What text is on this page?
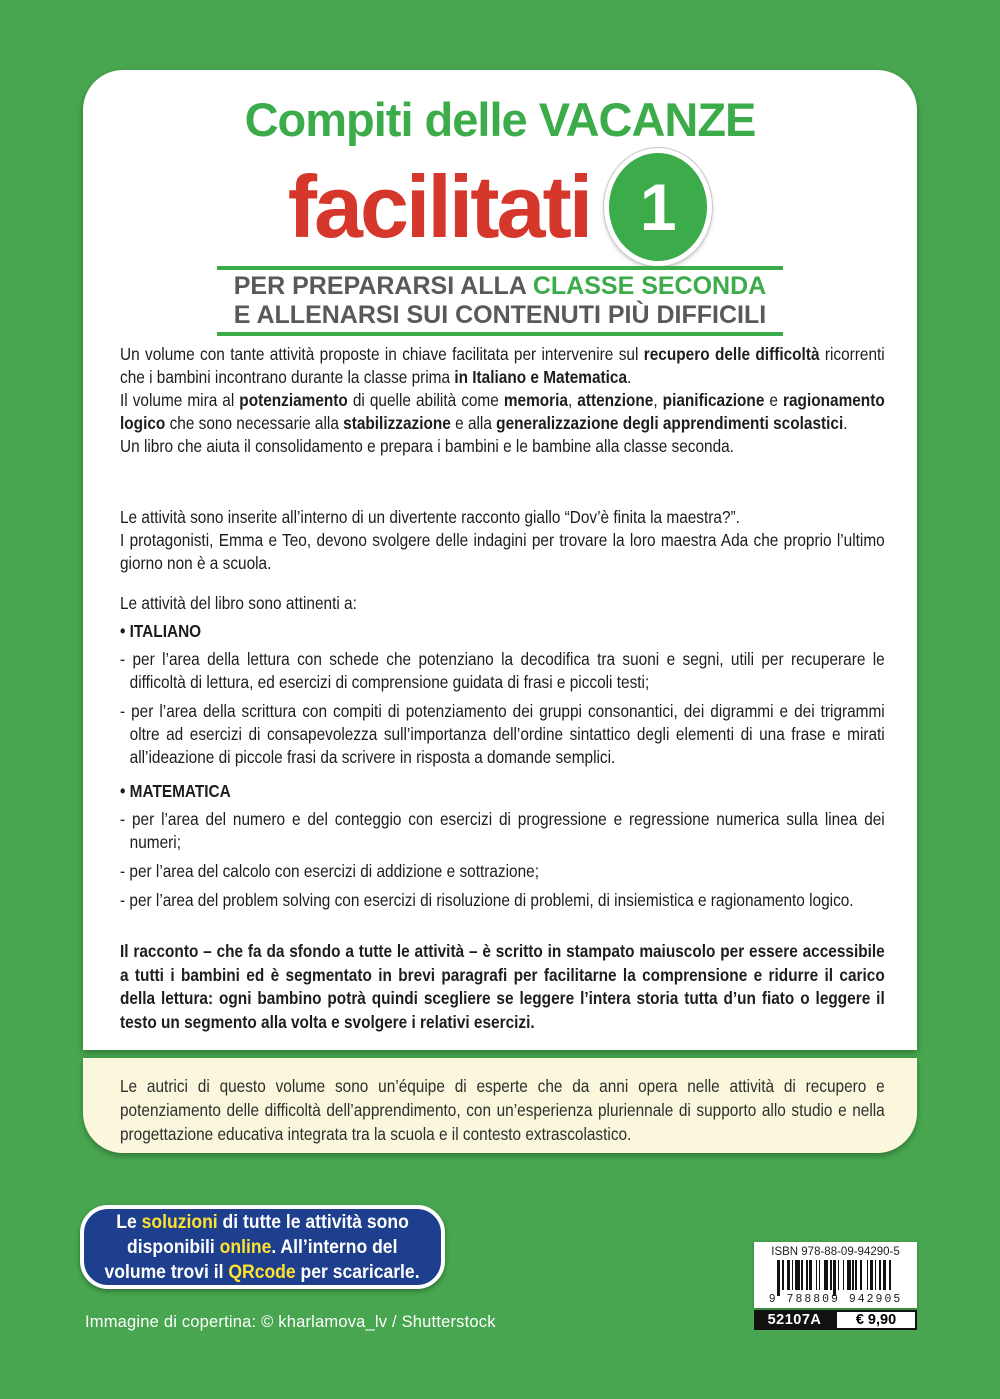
Compiti delle VACANZE
facilitati 1
PER PREPARARSI ALLA CLASSE SECONDA
E ALLENARSI SUI CONTENUTI PIÙ DIFFICILI

Un volume con tante attività proposte in chiave facilitata per intervenire sul recupero delle difficoltà ricorrenti che i bambini incontrano durante la classe prima in Italiano e Matematica.

Il volume mira al potenziamento di quelle abilità come memoria, attenzione, pianificazione e ragionamento logico che sono necessarie alla stabilizzazione e alla generalizzazione degli apprendimenti scolastici.

Un libro che aiuta il consolidamento e prepara i bambini e le bambine alla classe seconda.

Le attività sono inserite all’interno di un divertente racconto giallo “Dov’è finita la maestra?”.

I protagonisti, Emma e Teo, devono svolgere delle indagini per trovare la loro maestra Ada che proprio l’ultimo giorno non è a scuola.

Le attività del libro sono attinenti a:
• ITALIANO
- per l’area della lettura con schede che potenziano la decodifica tra suoni e segni, utili per recuperare le difficoltà di lettura, ed esercizi di comprensione guidata di frasi e piccoli testi;
- per l’area della scrittura con compiti di potenziamento dei gruppi consonantici, dei digrammi e dei trigrammi oltre ad esercizi di consapevolezza sull’importanza dell’ordine sintattico degli elementi di una frase e mirati all’ideazione di piccole frasi da scrivere in risposta a domande semplici.
• MATEMATICA
- per l’area del numero e del conteggio con esercizi di progressione e regressione numerica sulla linea dei numeri;
- per l’area del calcolo con esercizi di addizione e sottrazione;
- per l’area del problem solving con esercizi di risoluzione di problemi, di insiemistica e ragionamento logico.
Il racconto – che fa da sfondo a tutte le attività – è scritto in stampato maiuscolo per essere accessibile a tutti i bambini ed è segmentato in brevi paragrafi per facilitarne la comprensione e ridurre il carico della lettura: ogni bambino potrà quindi scegliere se leggere l’intera storia tutta d’un fiato o leggere il testo un segmento alla volta e svolgere i relativi esercizi.
Le autrici di questo volume sono un’équipe di esperte che da anni opera nelle attività di recupero e potenziamento delle difficoltà dell’apprendimento, con un’esperienza pluriennale di supporto allo studio e nella progettazione educativa integrata tra la scuola e il contesto extrascolastico.
Le soluzioni di tutte le attività sono
disponibili online. All’interno del
volume trovi il QRcode per scaricarle.
Immagine di copertina: © kharlamova_lv / Shutterstock
ISBN 978-88-09-94290-5
9 788809 942905
52107A	€ 9,90
